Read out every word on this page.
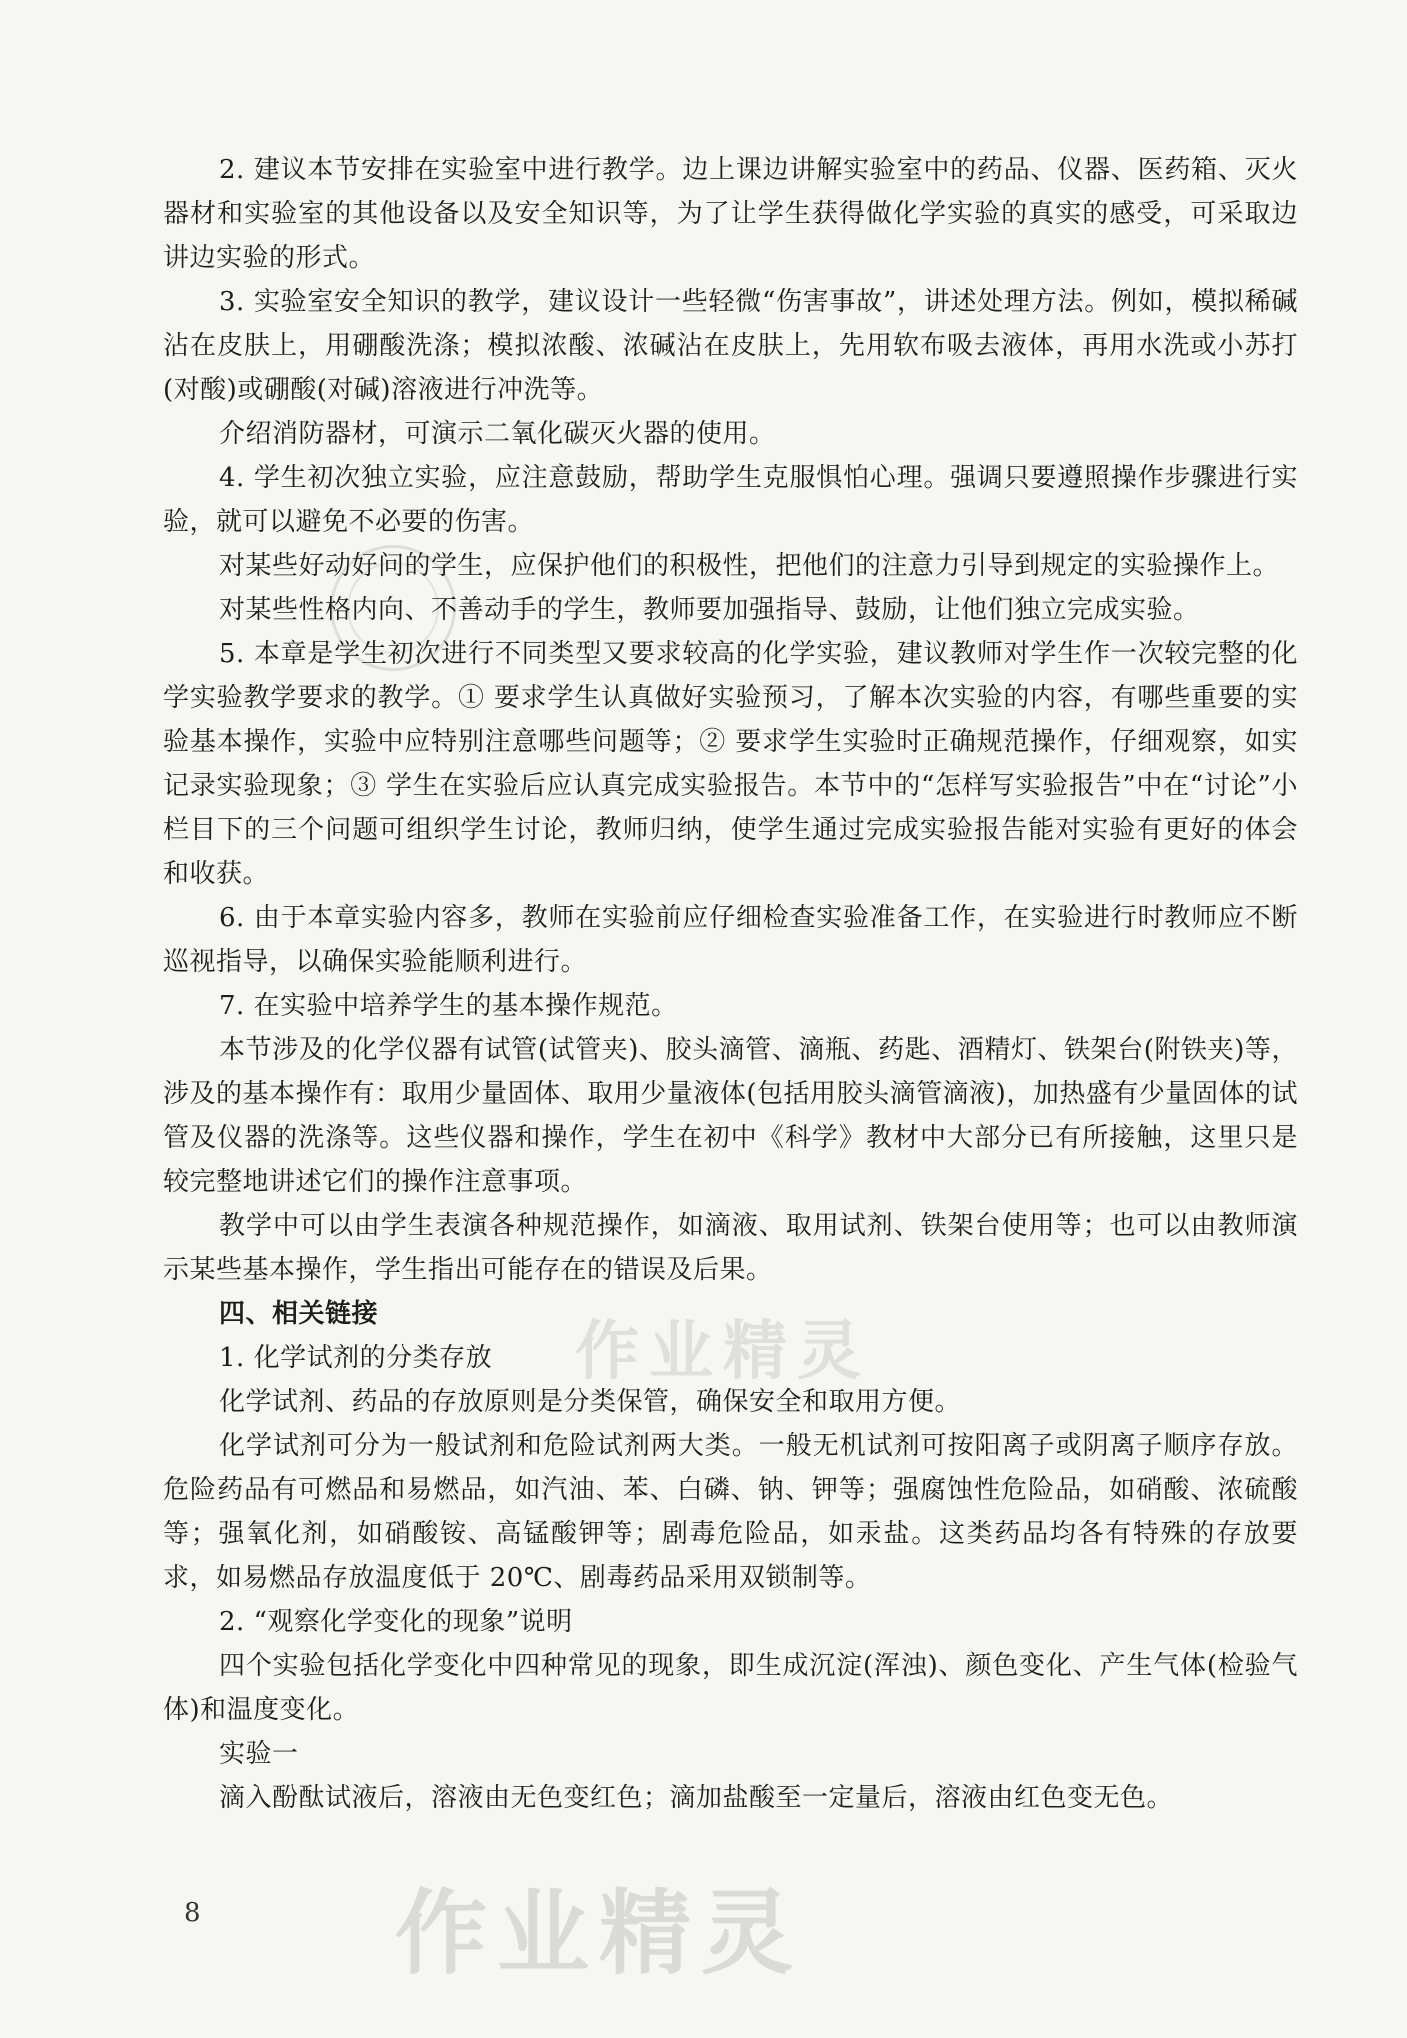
作业精灵

2. 建议本节安排在实验室中进行教学。边上课边讲解实验室中的药品、仪器、医药箱、灭火器材和实验室的其他设备以及安全知识等，为了让学生获得做化学实验的真实的感受，可采取边讲边实验的形式。

3. 实验室安全知识的教学，建议设计一些轻微“伤害事故”，讲述处理方法。例如，模拟稀碱沾在皮肤上，用硼酸洗涤；模拟浓酸、浓碱沾在皮肤上，先用软布吸去液体，再用水洗或小苏打(对酸)或硼酸(对碱)溶液进行冲洗等。

介绍消防器材，可演示二氧化碳灭火器的使用。

4. 学生初次独立实验，应注意鼓励，帮助学生克服惧怕心理。强调只要遵照操作步骤进行实验，就可以避免不必要的伤害。

对某些好动好问的学生，应保护他们的积极性，把他们的注意力引导到规定的实验操作上。

对某些性格内向、不善动手的学生，教师要加强指导、鼓励，让他们独立完成实验。

5. 本章是学生初次进行不同类型又要求较高的化学实验，建议教师对学生作一次较完整的化学实验教学要求的教学。① 要求学生认真做好实验预习，了解本次实验的内容，有哪些重要的实验基本操作，实验中应特别注意哪些问题等；② 要求学生实验时正确规范操作，仔细观察，如实记录实验现象；③ 学生在实验后应认真完成实验报告。本节中的“怎样写实验报告”中在“讨论”小栏目下的三个问题可组织学生讨论，教师归纳，使学生通过完成实验报告能对实验有更好的体会和收获。

6. 由于本章实验内容多，教师在实验前应仔细检查实验准备工作，在实验进行时教师应不断巡视指导，以确保实验能顺利进行。

7. 在实验中培养学生的基本操作规范。

本节涉及的化学仪器有试管(试管夹)、胶头滴管、滴瓶、药匙、酒精灯、铁架台(附铁夹)等，涉及的基本操作有：取用少量固体、取用少量液体(包括用胶头滴管滴液)，加热盛有少量固体的试管及仪器的洗涤等。这些仪器和操作，学生在初中《科学》教材中大部分已有所接触，这里只是较完整地讲述它们的操作注意事项。

教学中可以由学生表演各种规范操作，如滴液、取用试剂、铁架台使用等；也可以由教师演示某些基本操作，学生指出可能存在的错误及后果。

四、相关链接

1. 化学试剂的分类存放

化学试剂、药品的存放原则是分类保管，确保安全和取用方便。

化学试剂可分为一般试剂和危险试剂两大类。一般无机试剂可按阳离子或阴离子顺序存放。危险药品有可燃品和易燃品，如汽油、苯、白磷、钠、钾等；强腐蚀性危险品，如硝酸、浓硫酸等；强氧化剂，如硝酸铵、高锰酸钾等；剧毒危险品，如汞盐。这类药品均各有特殊的存放要求，如易燃品存放温度低于 20℃、剧毒药品采用双锁制等。

2. “观察化学变化的现象”说明

四个实验包括化学变化中四种常见的现象，即生成沉淀(浑浊)、颜色变化、产生气体(检验气体)和温度变化。

实验一

滴入酚酞试液后，溶液由无色变红色；滴加盐酸至一定量后，溶液由红色变无色。

8 作业精灵
